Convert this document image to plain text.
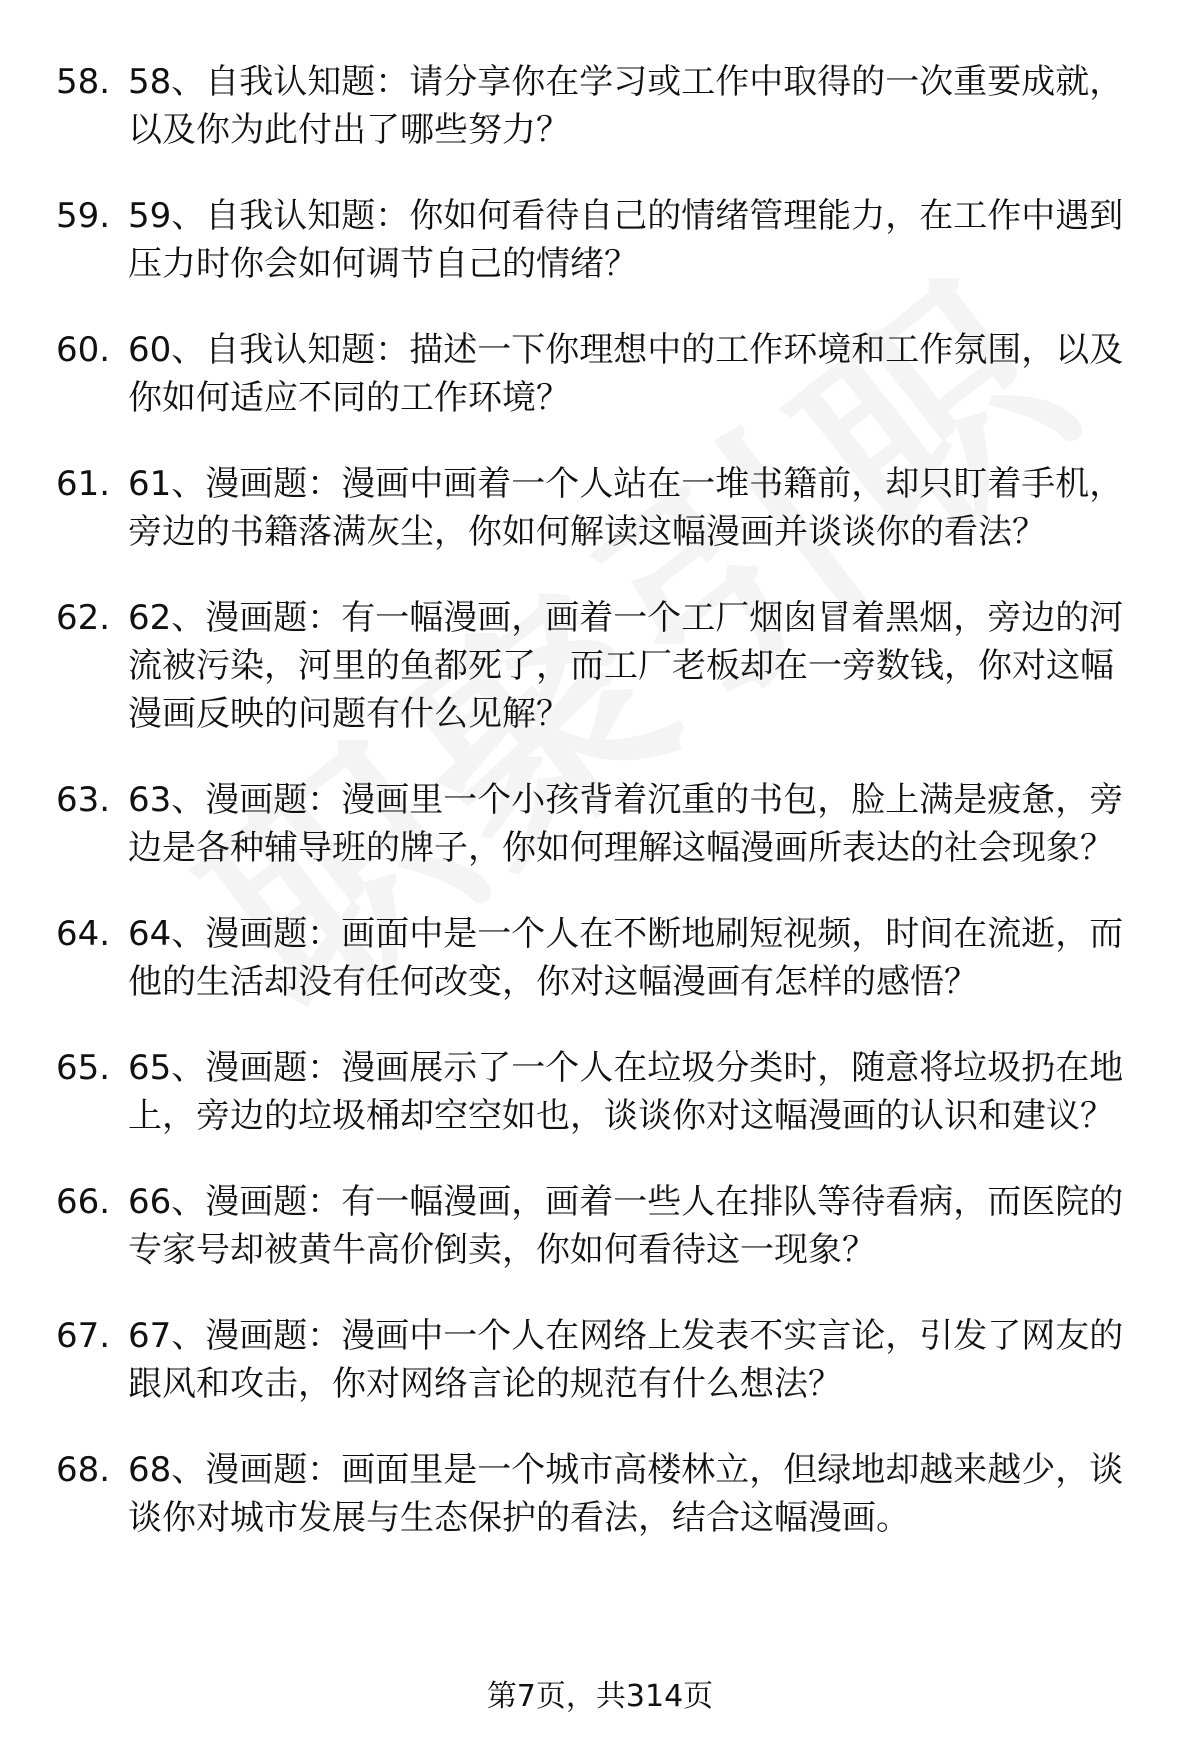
58. 58、自我认知题：请分享你在学习或工作中取得的一次重要成就，以及你为此付出了哪些努力？
59. 59、自我认知题：你如何看待自己的情绪管理能力，在工作中遇到压力时你会如何调节自己的情绪？
60. 60、自我认知题：描述一下你理想中的工作环境和工作氛围，以及你如何适应不同的工作环境？
61. 61、漫画题：漫画中画着一个人站在一堆书籍前，却只盯着手机，旁边的书籍落满灰尘，你如何解读这幅漫画并谈谈你的看法？
62. 62、漫画题：有一幅漫画，画着一个工厂烟囱冒着黑烟，旁边的河流被污染，河里的鱼都死了，而工厂老板却在一旁数钱，你对这幅漫画反映的问题有什么见解？
63. 63、漫画题：漫画里一个小孩背着沉重的书包，脸上满是疲惫，旁边是各种辅导班的牌子，你如何理解这幅漫画所表达的社会现象？
64. 64、漫画题：画面中是一个人在不断地刷短视频，时间在流逝，而他的生活却没有任何改变，你对这幅漫画有怎样的感悟？
65. 65、漫画题：漫画展示了一个人在垃圾分类时，随意将垃圾扔在地上，旁边的垃圾桶却空空如也，谈谈你对这幅漫画的认识和建议？
66. 66、漫画题：有一幅漫画，画着一些人在排队等待看病，而医院的专家号却被黄牛高价倒卖，你如何看待这一现象？
67. 67、漫画题：漫画中一个人在网络上发表不实言论，引发了网友的跟风和攻击，你对网络言论的规范有什么想法？
68. 68、漫画题：画面里是一个城市高楼林立，但绿地却越来越少，谈谈你对城市发展与生态保护的看法，结合这幅漫画。
第7页，共314页
